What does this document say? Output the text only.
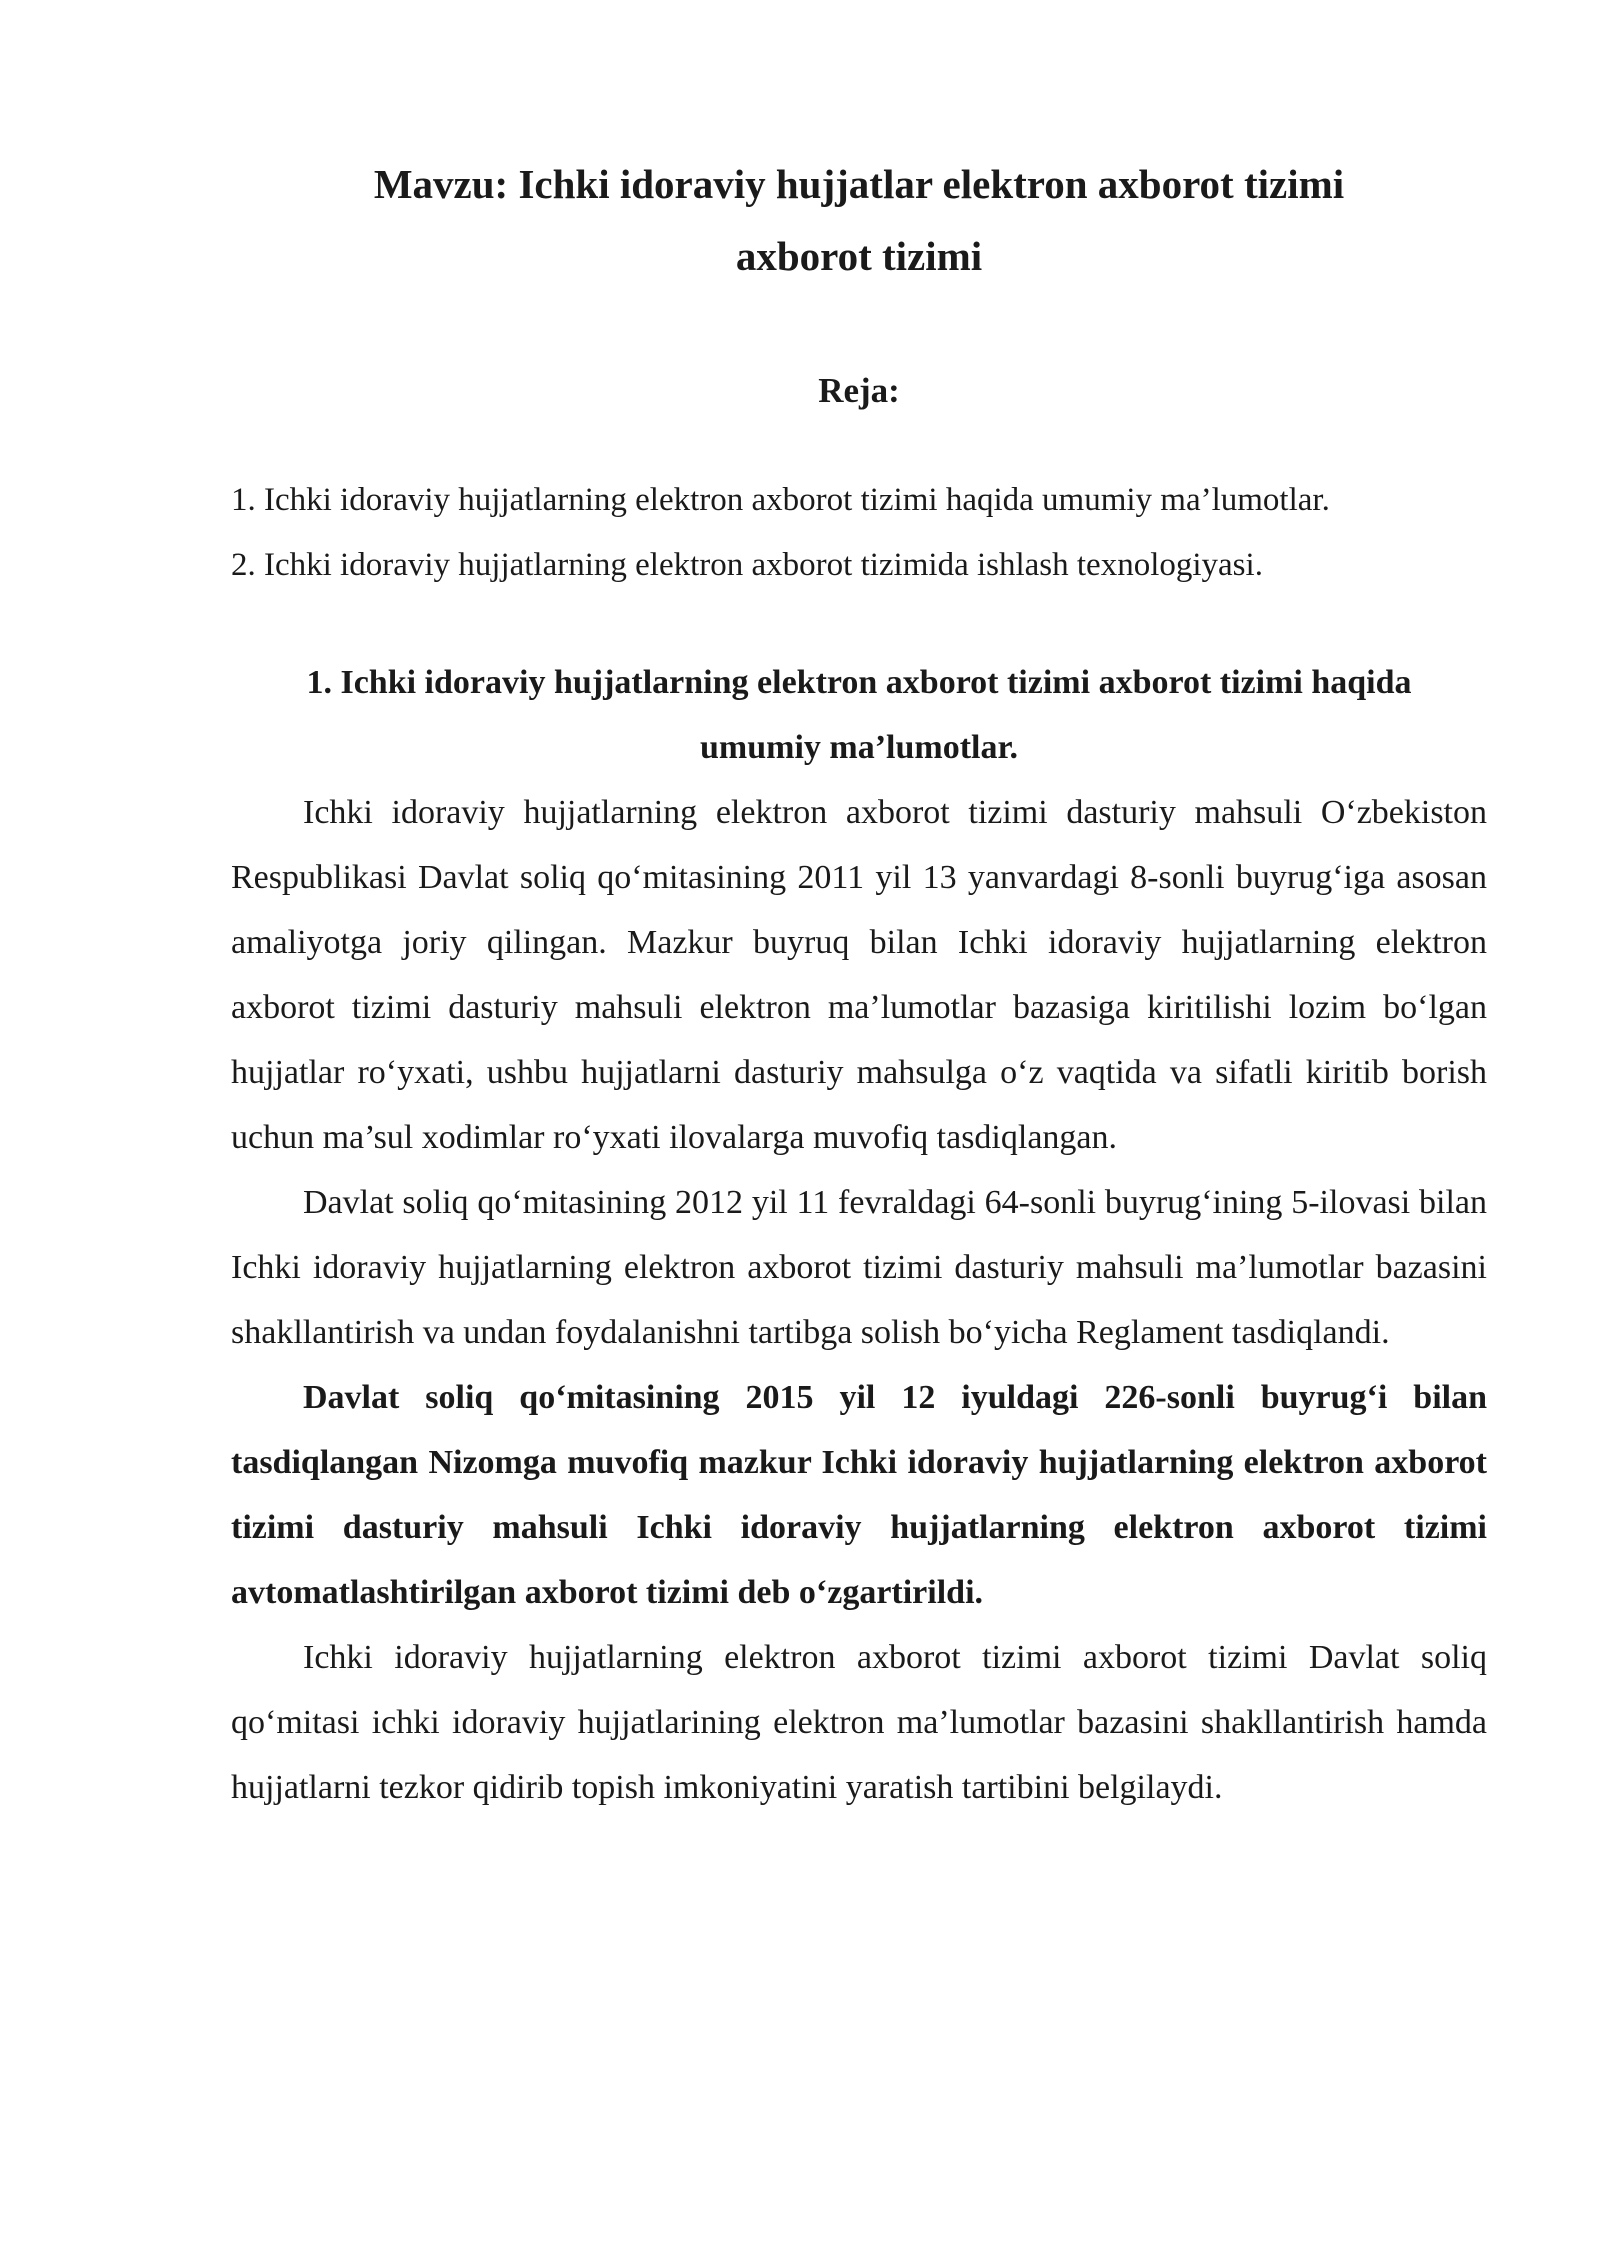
Mavzu: Ichki idoraviy hujjatlar elektron axborot tizimi axborot tizimi
Reja:
1. Ichki idoraviy hujjatlarning elektron axborot tizimi haqida umumiy ma’lumotlar.
2. Ichki idoraviy hujjatlarning elektron axborot tizimida ishlash texnologiyasi.
1. Ichki idoraviy hujjatlarning elektron axborot tizimi axborot tizimi haqida umumiy ma’lumotlar.

Ichki idoraviy hujjatlarning elektron axborot tizimi dasturiy mahsuli O‘zbekiston Respublikasi Davlat soliq qo‘mitasining 2011 yil 13 yanvardagi 8-sonli buyrug‘iga asosan amaliyotga joriy qilingan. Mazkur buyruq bilan Ichki idoraviy hujjatlarning elektron axborot tizimi dasturiy mahsuli elektron ma’lumotlar bazasiga kiritilishi lozim bo‘lgan hujjatlar ro‘yxati, ushbu hujjatlarni dasturiy mahsulga o‘z vaqtida va sifatli kiritib borish uchun ma’sul xodimlar ro‘yxati ilovalarga muvofiq tasdiqlangan.

Davlat soliq qo‘mitasining 2012 yil 11 fevraldagi 64-sonli buyrug‘ining 5-ilovasi bilan Ichki idoraviy hujjatlarning elektron axborot tizimi dasturiy mahsuli ma’lumotlar bazasini shakllantirish va undan foydalanishni tartibga solish bo‘yicha Reglament tasdiqlandi.

Davlat soliq qo‘mitasining 2015 yil 12 iyuldagi 226-sonli buyrug‘i bilan tasdiqlangan Nizomga muvofiq mazkur Ichki idoraviy hujjatlarning elektron axborot tizimi dasturiy mahsuli Ichki idoraviy hujjatlarning elektron axborot tizimi avtomatlashtirilgan axborot tizimi deb o‘zgartirildi.

Ichki idoraviy hujjatlarning elektron axborot tizimi axborot tizimi Davlat soliq qo‘mitasi ichki idoraviy hujjatlarining elektron ma’lumotlar bazasini shakllantirish hamda hujjatlarni tezkor qidirib topish imkoniyatini yaratish tartibini belgilaydi.
